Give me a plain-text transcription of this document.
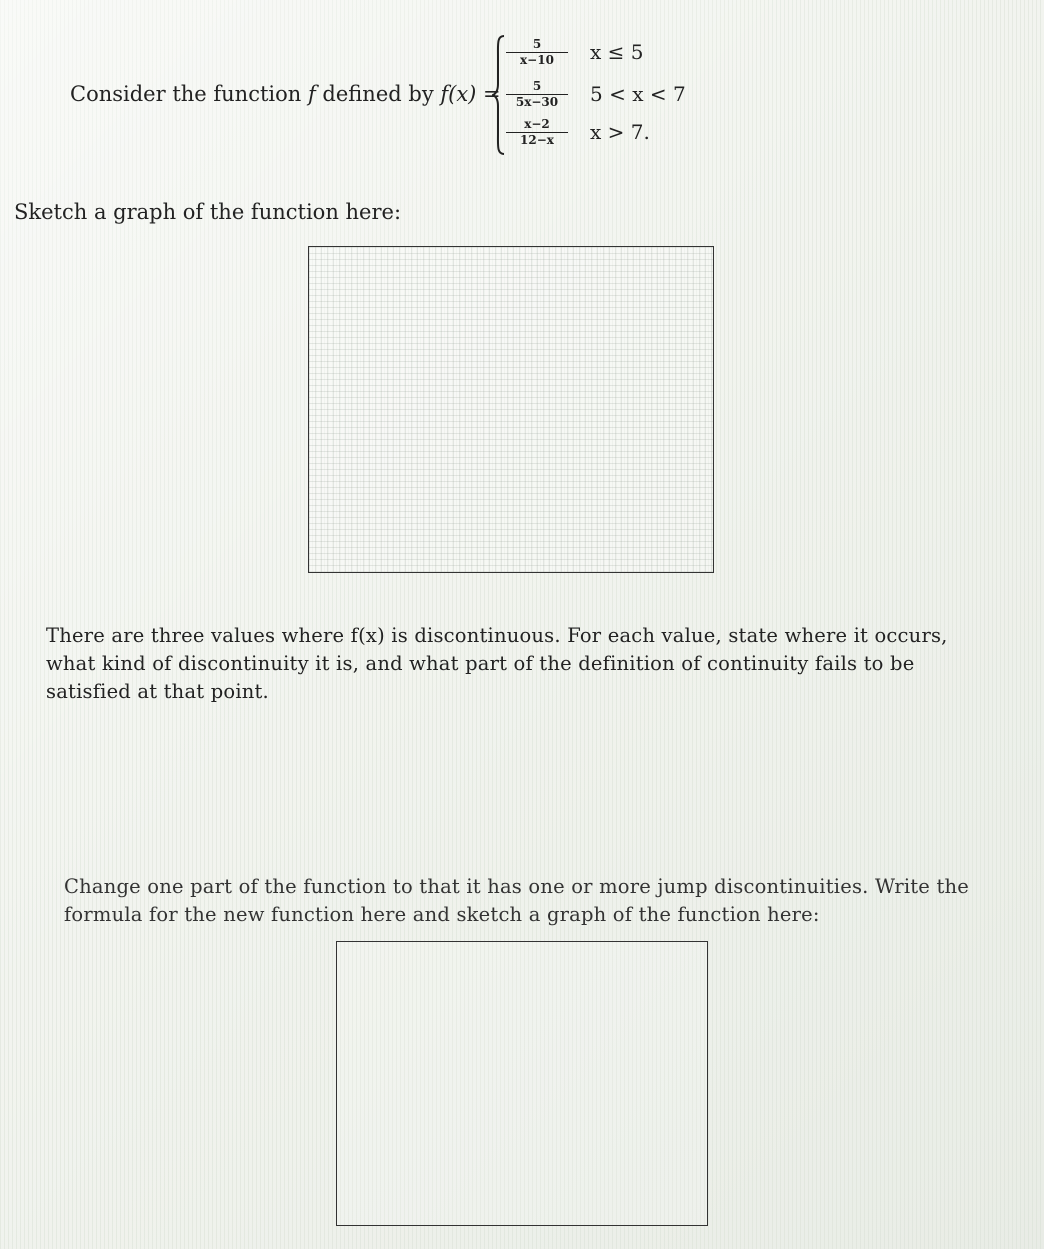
Consider the function f defined by f(x) =
$\frac{5}{x-10}$ x ≤ 5
$\frac{5}{5x-30} 5 < x < 7$
$\frac{x-2}{12-x}$ x > 7.
Sketch a graph of the function here:
There are three values where f(x) is discontinuous. For each value, state where it occurs, what kind of discontinuity it is, and what part of the definition of continuity fails to be satisfied at that point.
Change one part of the function to that it has one or more jump discontinuities. Write the formula for the new function here and sketch a graph of the function here:
